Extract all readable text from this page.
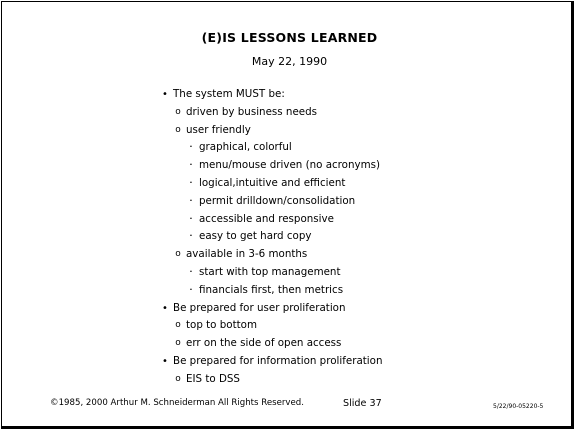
(E)IS LESSONS LEARNED
May 22, 1990
• The system MUST be:
o driven by business needs
o user friendly
· graphical, colorful
· menu/mouse driven (no acronyms)
· logical,intuitive and efficient
· permit drilldown/consolidation
· accessible and responsive
· easy to get hard copy
o available in 3-6 months
· start with top management
· financials first, then metrics
• Be prepared for user proliferation
o top to bottom
o err on the side of open access
• Be prepared for information proliferation
o EIS to DSS
©1985, 2000 Arthur M. Schneiderman All Rights Reserved.	Slide 37	5/22/90-05220-5
